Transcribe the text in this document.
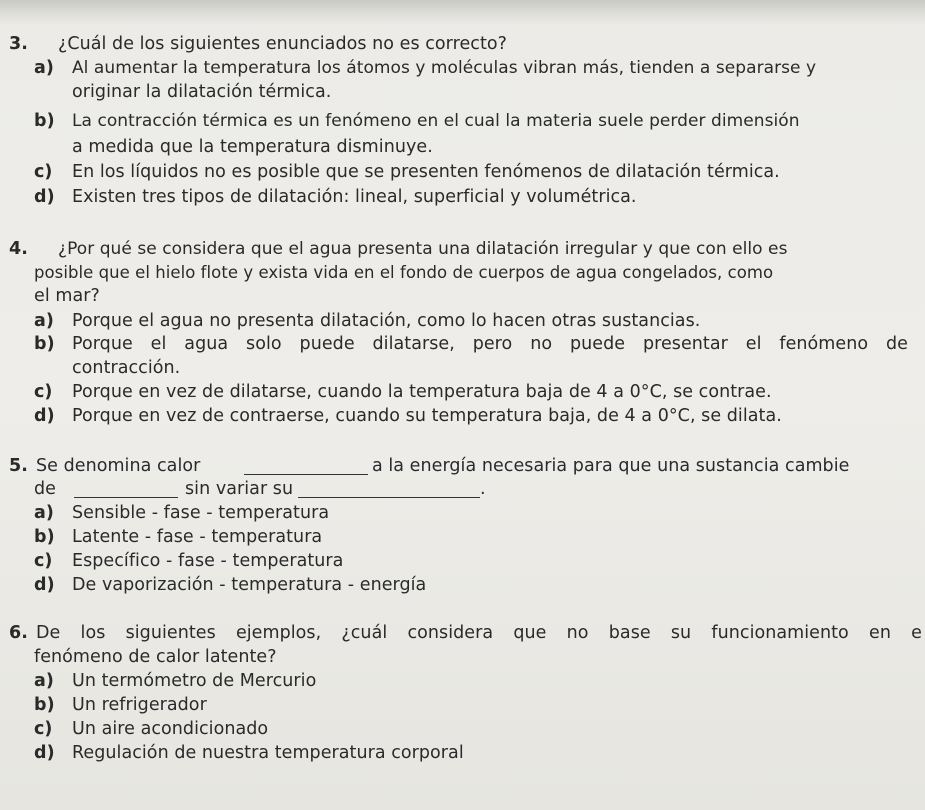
3. ¿Cuál de los siguientes enunciados no es correcto?
a) Al aumentar la temperatura los átomos y moléculas vibran más, tienden a separarse y
originar la dilatación térmica.
b) La contracción térmica es un fenómeno en el cual la materia suele perder dimensión
a medida que la temperatura disminuye.
c) En los líquidos no es posible que se presenten fenómenos de dilatación térmica.
d) Existen tres tipos de dilatación: lineal, superficial y volumétrica.
4. ¿Por qué se considera que el agua presenta una dilatación irregular y que con ello es
posible que el hielo flote y exista vida en el fondo de cuerpos de agua congelados, como
el mar?
a) Porque el agua no presenta dilatación, como lo hacen otras sustancias.
b) Porque el agua solo puede dilatarse, pero no puede presentar el fenómeno de
contracción.
c) Porque en vez de dilatarse, cuando la temperatura baja de 4 a 0°C, se contrae.
d) Porque en vez de contraerse, cuando su temperatura baja, de 4 a 0°C, se dilata.
5. Se denomina calor	a la energía necesaria para que una sustancia cambie
de	sin variar su	.
a) Sensible - fase - temperatura
b) Latente - fase - temperatura
c) Específico - fase - temperatura
d) De vaporización - temperatura - energía
6. De los siguientes ejemplos, ¿cuál considera que no base su funcionamiento en e
fenómeno de calor latente?
a) Un termómetro de Mercurio
b) Un refrigerador
c) Un aire acondicionado
d) Regulación de nuestra temperatura corporal
